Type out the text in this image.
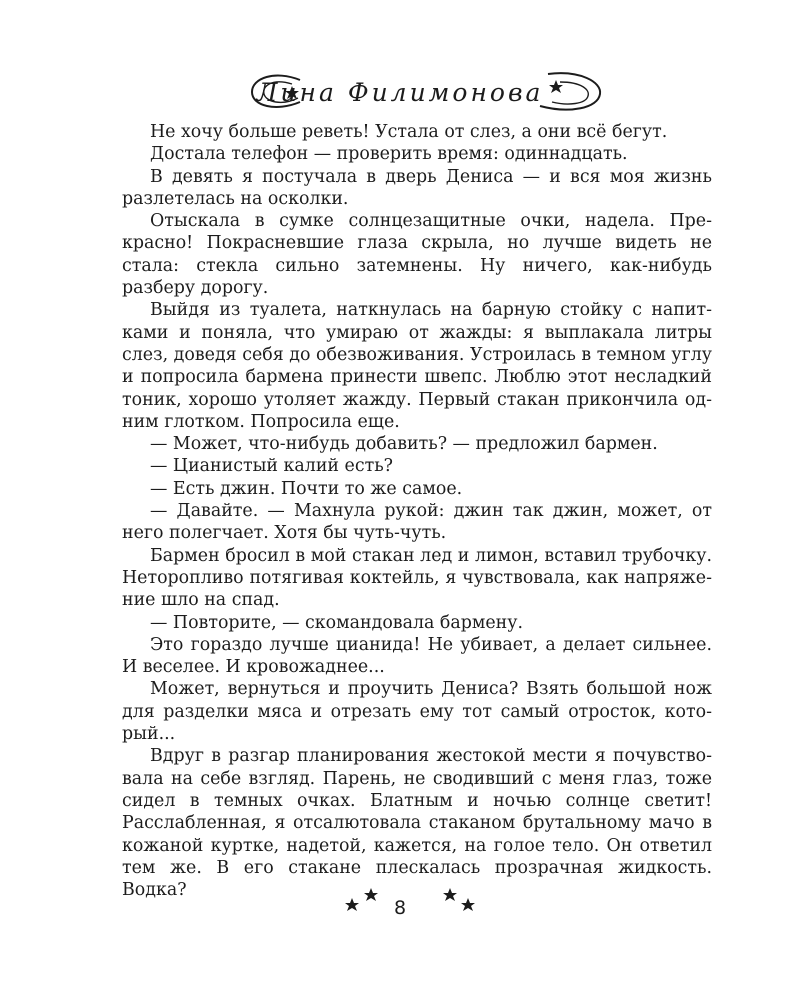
Лина Филимонова

Не хочу больше реветь! Устала от слез, а они всё бегут.

Достала телефон — проверить время: одиннадцать.

В девять я постучала в дверь Дениса — и вся моя жизнь разлетелась на осколки.

Отыскала в сумке солнцезащитные очки, надела. Прекрасно! Покрасневшие глаза скрыла, но лучше видеть не стала: стекла сильно затемнены. Ну ничего, как-нибудь разберу дорогу.

Выйдя из туалета, наткнулась на барную стойку с напитками и поняла, что умираю от жажды: я выплакала литры слез, доведя себя до обезвоживания. Устроилась в темном углу и попросила бармена принести швепс. Люблю этот несладкий тоник, хорошо утоляет жажду. Первый стакан прикончила одним глотком. Попросила еще.

— Может, что-нибудь добавить? — предложил бармен.

— Цианистый калий есть?

— Есть джин. Почти то же самое.

— Давайте. — Махнула рукой: джин так джин, может, от него полегчает. Хотя бы чуть-чуть.

Бармен бросил в мой стакан лед и лимон, вставил трубочку. Неторопливо потягивая коктейль, я чувствовала, как напряжение шло на спад.

— Повторите, — скомандовала бармену.

Это гораздо лучше цианида! Не убивает, а делает сильнее. И веселее. И кровожаднее...

Может, вернуться и проучить Дениса? Взять большой нож для разделки мяса и отрезать ему тот самый отросток, который...

Вдруг в разгар планирования жестокой мести я почувствовала на себе взгляд. Парень, не сводивший с меня глаз, тоже сидел в темных очках. Блатным и ночью солнце светит! Расслабленная, я отсалютовала стаканом брутальному мачо в кожаной куртке, надетой, кажется, на голое тело. Он ответил тем же. В его стакане плескалась прозрачная жидкость. Водка?

8
